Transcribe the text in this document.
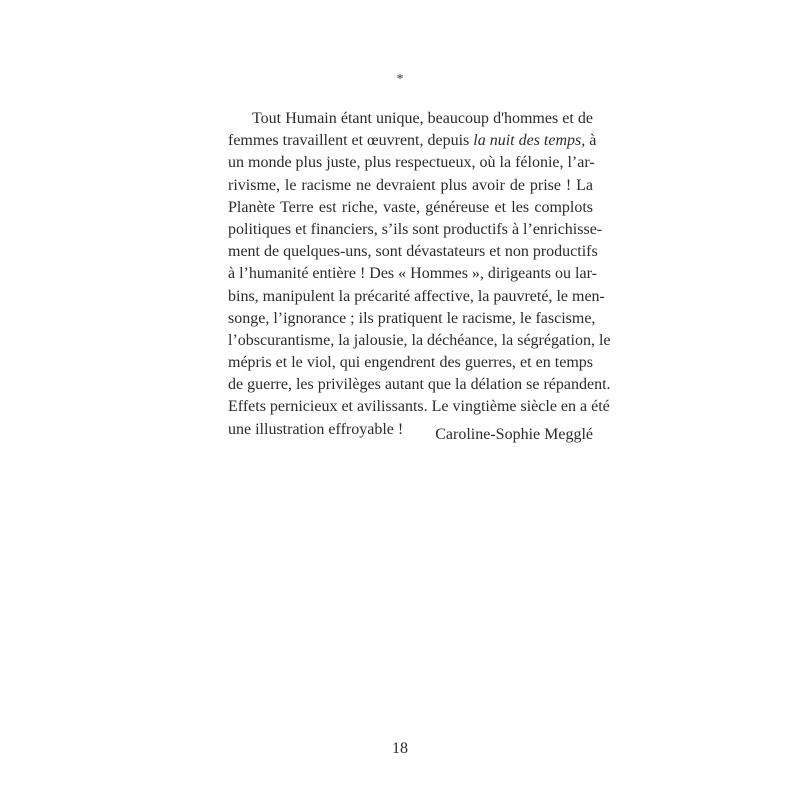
*
Tout Humain étant unique, beaucoup d'hommes et de
femmes travaillent et œuvrent, depuis la nuit des temps, à
un monde plus juste, plus respectueux, où la félonie, l’ar-
rivisme, le racisme ne devraient plus avoir de prise ! La
Planète Terre est riche, vaste, généreuse et les complots
politiques et financiers, s’ils sont productifs à l’enrichisse-
ment de quelques-uns, sont dévastateurs et non productifs
à l’humanité entière ! Des « Hommes », dirigeants ou lar-
bins, manipulent la précarité affective, la pauvreté, le men-
songe, l’ignorance ; ils pratiquent le racisme, le fascisme,
l’obscurantisme, la jalousie, la déchéance, la ségrégation, le
mépris et le viol, qui engendrent des guerres, et en temps
de guerre, les privilèges autant que la délation se répandent.
Effets pernicieux et avilissants. Le vingtième siècle en a été
une illustration effroyable !	Caroline-Sophie Megglé
18
